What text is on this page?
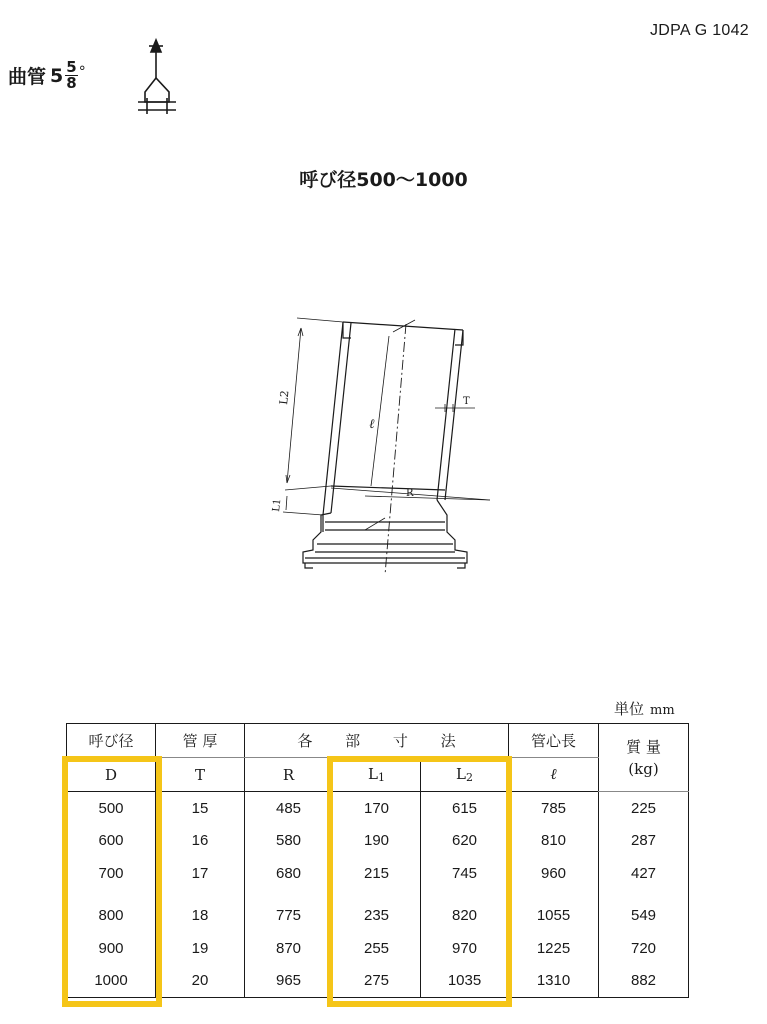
JDPA G 1042
曲管 $5 \frac{5}{8}$ °
呼び径500～1000
L2
L1
ℓ
R
T
単位 mm
呼び径	管 厚	各 部 寸 法			管心長	質 量
(kg)

D	T	R	L1	L2	ℓ	
500	15	485	170	615	785	225
600	16	580	190	620	810	287
700	17	680	215	745	960	427

800	18	775	235	820	1055	549
900	19	870	255	970	1225	720
1000	20	965	275	1035	1310	882
